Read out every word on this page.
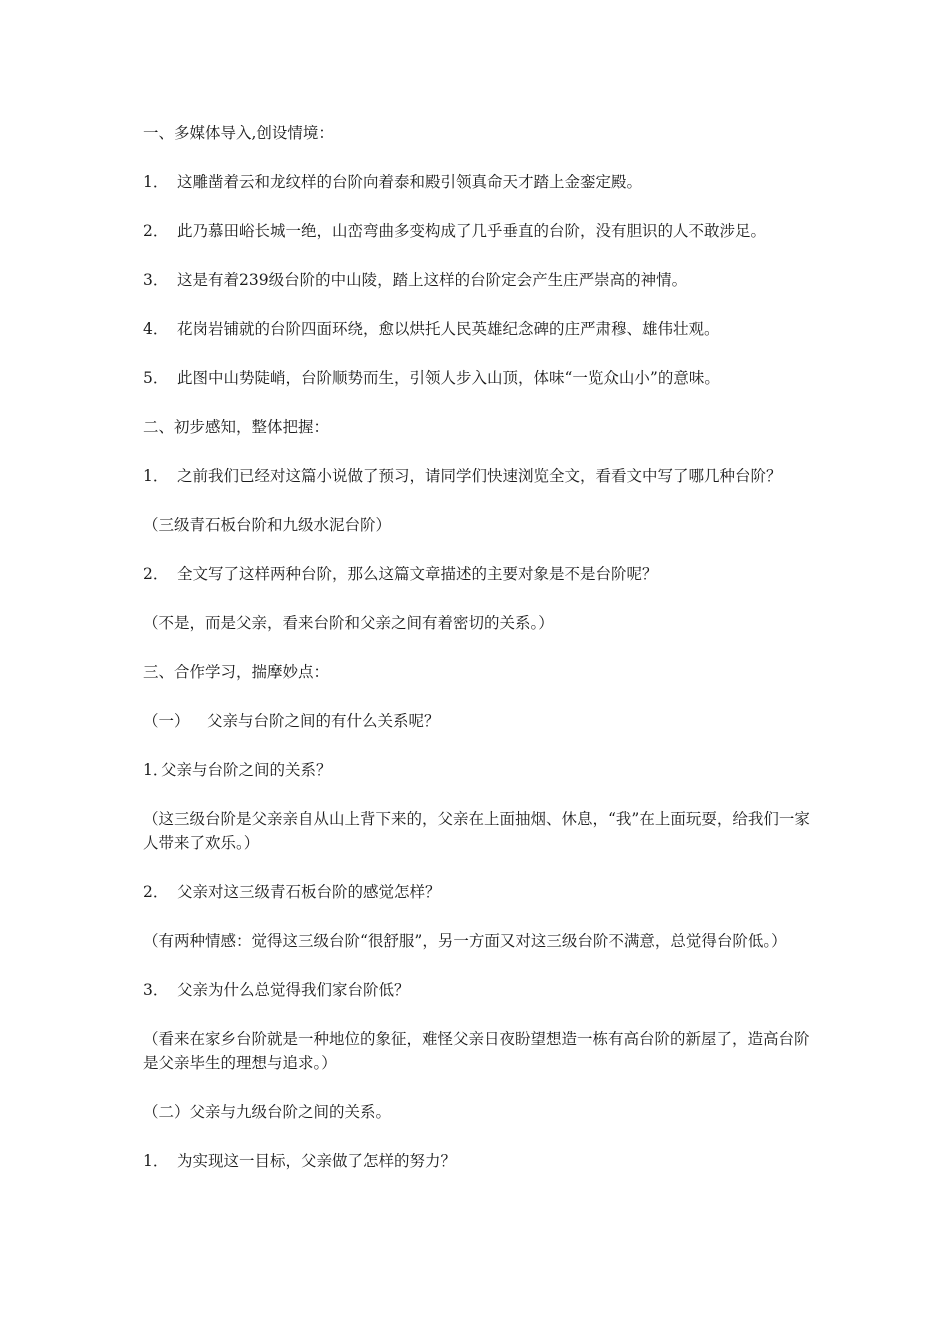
一、多媒体导入,创设情境：

1． 这雕凿着云和龙纹样的台阶向着泰和殿引领真命天才踏上金銮定殿。

2． 此乃慕田峪长城一绝，山峦弯曲多变构成了几乎垂直的台阶，没有胆识的人不敢涉足。

3． 这是有着239级台阶的中山陵，踏上这样的台阶定会产生庄严崇高的神情。

4． 花岗岩铺就的台阶四面环绕，愈以烘托人民英雄纪念碑的庄严肃穆、雄伟壮观。

5． 此图中山势陡峭，台阶顺势而生，引领人步入山顶，体味“一览众山小”的意味。

二、初步感知，整体把握：

1． 之前我们已经对这篇小说做了预习，请同学们快速浏览全文，看看文中写了哪几种台阶？

（三级青石板台阶和九级水泥台阶）

2． 全文写了这样两种台阶，那么这篇文章描述的主要对象是不是台阶呢？

（不是，而是父亲，看来台阶和父亲之间有着密切的关系。）

三、合作学习，揣摩妙点：

（一） 父亲与台阶之间的有什么关系呢？

1．父亲与台阶之间的关系？

（这三级台阶是父亲亲自从山上背下来的，父亲在上面抽烟、休息，“我”在上面玩耍，给我们一家人带来了欢乐。）

2． 父亲对这三级青石板台阶的感觉怎样？

（有两种情感：觉得这三级台阶“很舒服”，另一方面又对这三级台阶不满意，总觉得台阶低。）

3． 父亲为什么总觉得我们家台阶低？

（看来在家乡台阶就是一种地位的象征，难怪父亲日夜盼望想造一栋有高台阶的新屋了，造高台阶是父亲毕生的理想与追求。）

（二）父亲与九级台阶之间的关系。

1． 为实现这一目标，父亲做了怎样的努力？
